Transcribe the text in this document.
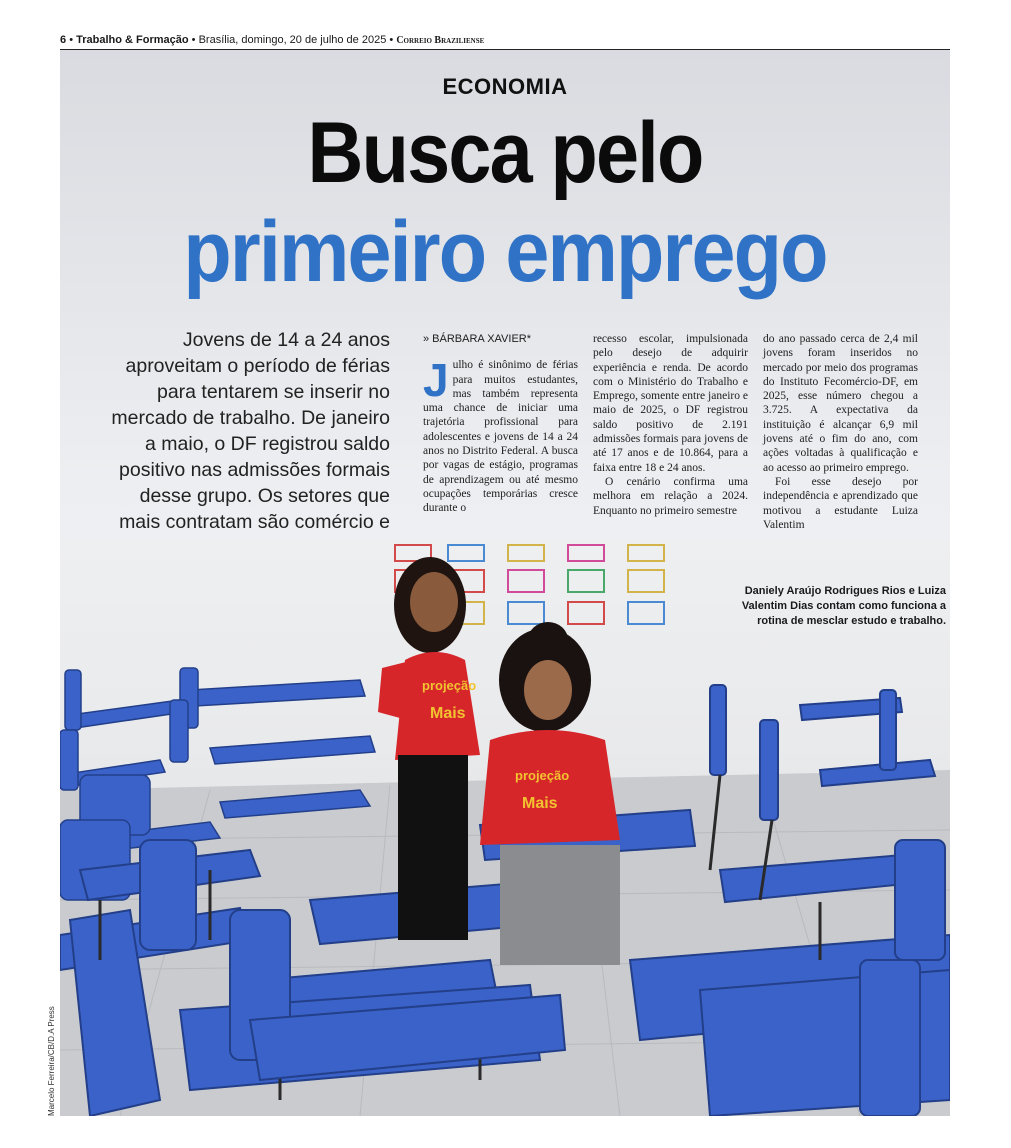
6 • Trabalho & Formação • Brasília, domingo, 20 de julho de 2025 • Correio Braziliense
ECONOMIA
Busca pelo
primeiro emprego
Jovens de 14 a 24 anos aproveitam o período de férias para tentarem se inserir no mercado de trabalho. De janeiro a maio, o DF registrou saldo positivo nas admissões formais desse grupo. Os setores que mais contratam são comércio e
» BÁRBARA XAVIER*

Julho é sinônimo de férias para muitos estudantes, mas também representa uma chance de iniciar uma trajetória profissional para adolescentes e jovens de 14 a 24 anos no Distrito Federal. A busca por vagas de estágio, programas de aprendizagem ou até mesmo ocupações temporárias cresce durante o

recesso escolar, impulsionada pelo desejo de adquirir experiência e renda. De acordo com o Ministério do Trabalho e Emprego, somente entre janeiro e maio de 2025, o DF registrou saldo positivo de 2.191 admissões formais para jovens de até 17 anos e de 10.864, para a faixa entre 18 e 24 anos.

O cenário confirma uma melhora em relação a 2024. Enquanto no primeiro semestre

do ano passado cerca de 2,4 mil jovens foram inseridos no mercado por meio dos programas do Instituto Fecomércio-DF, em 2025, esse número chegou a 3.725. A expectativa da instituição é alcançar 6,9 mil jovens até o fim do ano, com ações voltadas à qualificação e ao acesso ao primeiro emprego.

Foi esse desejo por independência e aprendizado que motivou a estudante Luiza Valentim

projeção
Mais
projeção
Mais
Daniely Araújo Rodrigues Rios e Luiza Valentim Dias contam como funciona a rotina de mesclar estudo e trabalho.
Marcelo Ferreira/CB/D.A Press
